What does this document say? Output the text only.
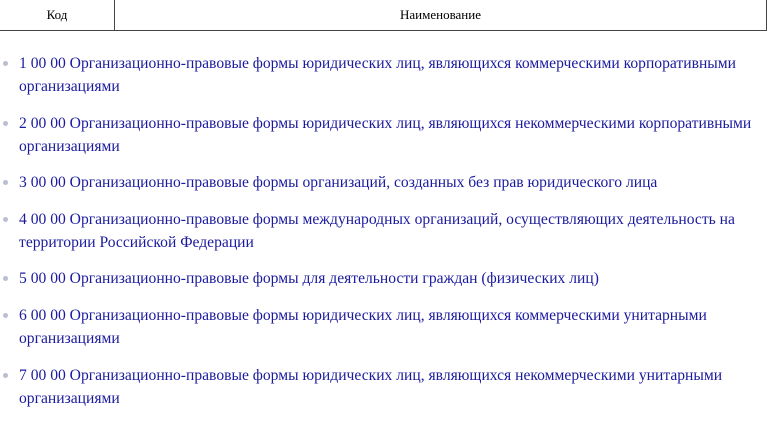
Код	Наименование
1 00 00 Организационно-правовые формы юридических лиц, являющихся коммерческими корпоративными организациями
2 00 00 Организационно-правовые формы юридических лиц, являющихся некоммерческими корпоративными организациями
3 00 00 Организационно-правовые формы организаций, созданных без прав юридического лица
4 00 00 Организационно-правовые формы международных организаций, осуществляющих деятельность на территории Российской Федерации
5 00 00 Организационно-правовые формы для деятельности граждан (физических лиц)
6 00 00 Организационно-правовые формы юридических лиц, являющихся коммерческими унитарными организациями
7 00 00 Организационно-правовые формы юридических лиц, являющихся некоммерческими унитарными организациями
